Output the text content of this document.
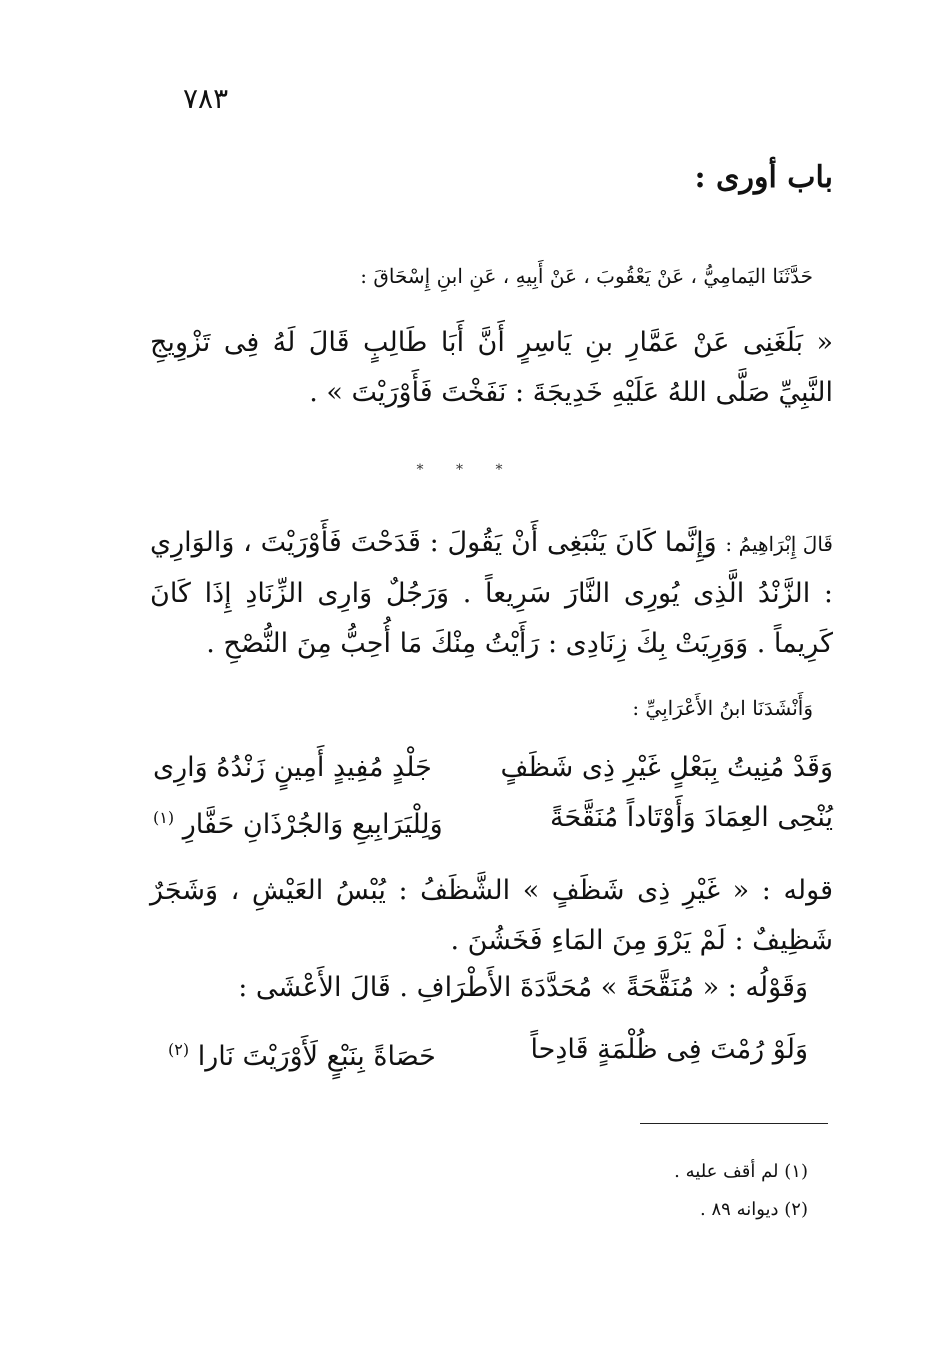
٧٨٣
باب أورى :
حَدَّثَنَا اليَمامِيُّ ، عَنْ يَعْقُوبَ ، عَنْ أَبِيهِ ، عَنِ ابنِ إِسْحَاقَ :
« بَلَغَنِى عَنْ عَمَّارِ بنِ يَاسِرٍ أَنَّ أَبَا طَالِبٍ قَالَ لَهُ فِى تَزْوِيجِ النَّبِيِّ صَلَّى اللهُ عَلَيْهِ خَدِيجَةَ : نَفَخْتَ فَأَوْرَيْتَ » .
* * *
قَالَ إِبْرَاهِيمُ : وَإِنَّما كَانَ يَنْبَغِى أَنْ يَقُولَ : قَدَحْتَ فَأَوْرَيْتَ ، وَالوَارِي : الزَّنْدُ الَّذِى يُورِى النَّارَ سَرِيعاً . وَرَجُلٌ وَارِى الزِّنَادِ إِذَا كَانَ كَرِيماً . وَوَرِيَتْ بِكَ زِنَادِى : رَأَيْتُ مِنْكَ مَا أُحِبُّ مِنَ النُّصْحِ .
وَأَنْشَدَنَا ابنُ الأَعْرَابِيِّ :
وَقَدْ مُنِيتُ بِبَعْلٍ غَيْرِ ذِى شَظَفٍ
جَلْدٍ مُفِيدٍ أَمِينٍ زَنْدُهُ وَارِى
يُنْحِى العِمَادَ وَأَوْتَاداً مُنَقَّحَةً
وَلِلْيَرَابِيعِ وَالجُرْذَانِ حَفَّارِ $^{(١)}$
قوله : « غَيْرِ ذِى شَظَفٍ » الشَّظَفُ : يُبْسُ العَيْشِ ، وَشَجَرٌ شَظِيفٌ : لَمْ يَرْوَ مِنَ المَاءِ فَخَشُنَ .
وَقَوْلُه : « مُنَقَّحَةً » مُحَدَّدَةَ الأَطْرَافِ . قَالَ الأَعْشَى :
وَلَوْ رُمْتَ فِى ظُلْمَةٍ قَادِحاً
حَصَاةً بِنَبْعٍ لَأَوْرَيْتَ نَارا $^{(٢)}$
(١) لم أقف عليه .
(٢) ديوانه ٨٩ .
